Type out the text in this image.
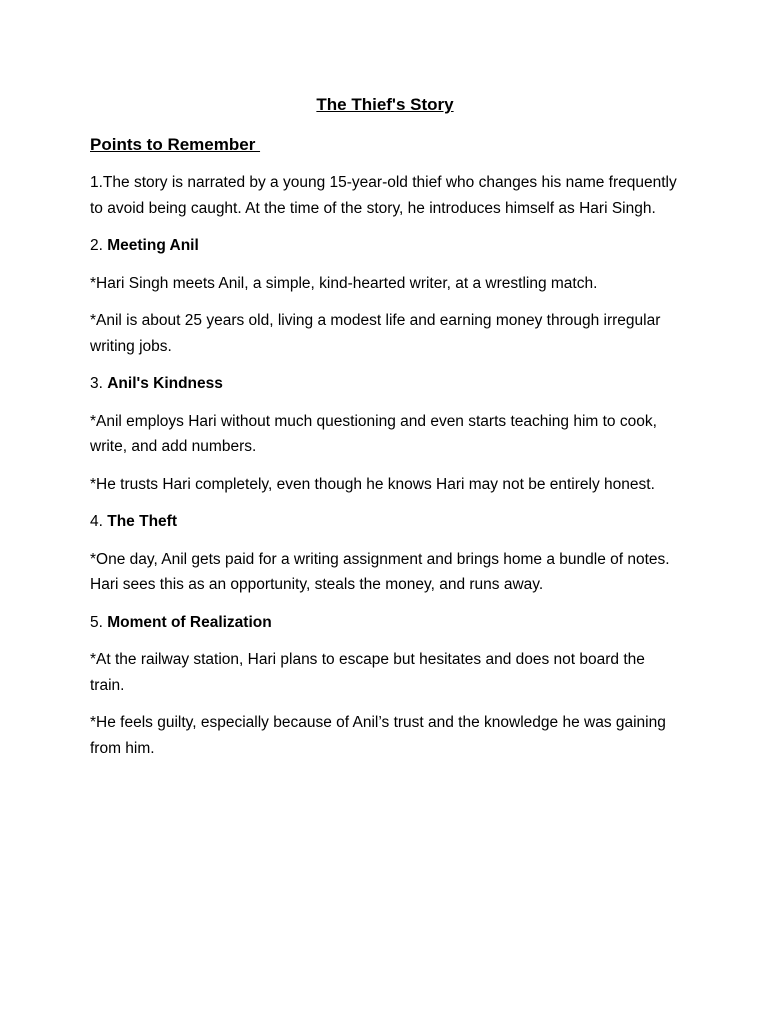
The Thief's Story
Points to Remember

1.The story is narrated by a young 15-year-old thief who changes his name frequently to avoid being caught. At the time of the story, he introduces himself as Hari Singh.

2. Meeting Anil

*Hari Singh meets Anil, a simple, kind-hearted writer, at a wrestling match.

*Anil is about 25 years old, living a modest life and earning money through irregular writing jobs.

3. Anil's Kindness

*Anil employs Hari without much questioning and even starts teaching him to cook, write, and add numbers.

*He trusts Hari completely, even though he knows Hari may not be entirely honest.

4. The Theft

*One day, Anil gets paid for a writing assignment and brings home a bundle of notes. Hari sees this as an opportunity, steals the money, and runs away.

5. Moment of Realization

*At the railway station, Hari plans to escape but hesitates and does not board the train.

*He feels guilty, especially because of Anil’s trust and the knowledge he was gaining from him.
